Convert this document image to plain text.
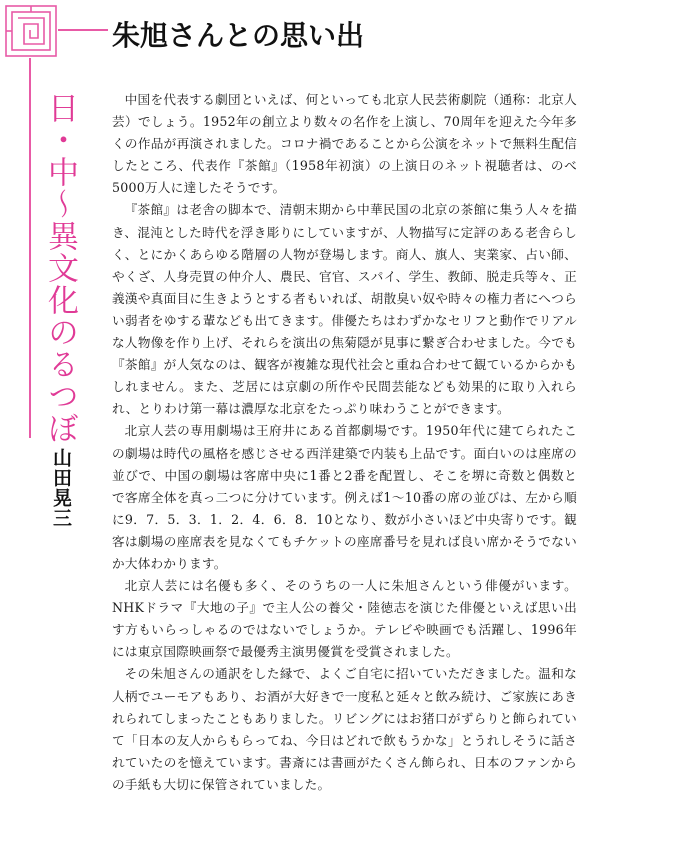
日・中～異文化のるつぼ
山田晃三
朱旭さんとの思い出

中国を代表する劇団といえば、何といっても北京人民芸術劇院（通称：北京人芸）でしょう。1952年の創立より数々の名作を上演し、70周年を迎えた今年多くの作品が再演されました。コロナ禍であることから公演をネットで無料生配信したところ、代表作『茶館』（1958年初演）の上演日のネット視聴者は、のべ5000万人に達したそうです。

『茶館』は老舎の脚本で、清朝末期から中華民国の北京の茶館に集う人々を描き、混沌とした時代を浮き彫りにしていますが、人物描写に定評のある老舎らしく、とにかくあらゆる階層の人物が登場します。商人、旗人、実業家、占い師、やくざ、人身売買の仲介人、農民、官官、スパイ、学生、教師、脱走兵等々、正義漢や真面目に生きようとする者もいれば、胡散臭い奴や時々の権力者にへつらい弱者をゆする輩なども出てきます。俳優たちはわずかなセリフと動作でリアルな人物像を作り上げ、それらを演出の焦菊隠が見事に繋ぎ合わせました。今でも『茶館』が人気なのは、観客が複雑な現代社会と重ね合わせて観ているからかもしれません。また、芝居には京劇の所作や民間芸能なども効果的に取り入れられ、とりわけ第一幕は濃厚な北京をたっぷり味わうことができます。

北京人芸の専用劇場は王府井にある首都劇場です。1950年代に建てられたこの劇場は時代の風格を感じさせる西洋建築で内装も上品です。面白いのは座席の並びで、中国の劇場は客席中央に1番と2番を配置し、そこを堺に奇数と偶数とで客席全体を真っ二つに分けています。例えば1～10番の席の並びは、左から順に9．7．5．3．1．2．4．6．8．10となり、数が小さいほど中央寄りです。観客は劇場の座席表を見なくてもチケットの座席番号を見れば良い席かそうでないか大体わかります。

北京人芸には名優も多く、そのうちの一人に朱旭さんという俳優がいます。NHKドラマ『大地の子』で主人公の養父・陸徳志を演じた俳優といえば思い出す方もいらっしゃるのではないでしょうか。テレビや映画でも活躍し、1996年には東京国際映画祭で最優秀主演男優賞を受賞されました。

その朱旭さんの通訳をした縁で、よくご自宅に招いていただきました。温和な人柄でユーモアもあり、お酒が大好きで一度私と延々と飲み続け、ご家族にあきれられてしまったこともありました。リビングにはお猪口がずらりと飾られていて「日本の友人からもらってね、今日はどれで飲もうかな」とうれしそうに話されていたのを憶えています。書斎には書画がたくさん飾られ、日本のファンからの手紙も大切に保管されていました。
